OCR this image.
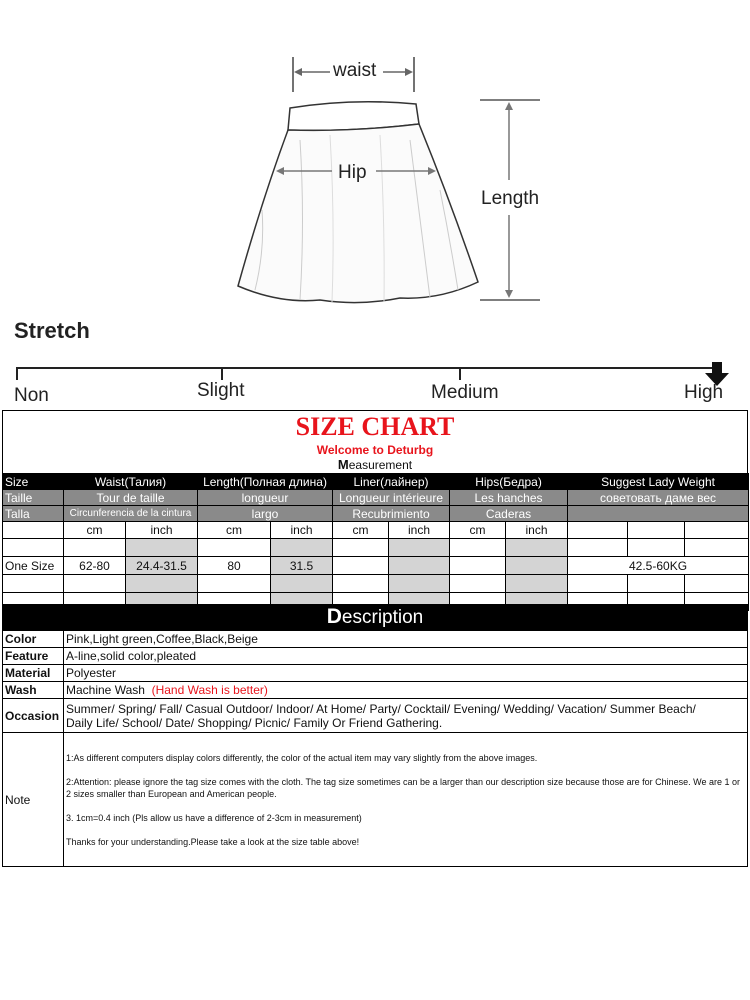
waist
Hip
Length
Stretch
Non	Slight	Medium	High
SIZE CHART
Welcome to Deturbg
Measurement
Size	Waist(Талия)		Length(Полная длина)		Liner(лайнер)		Hips(Бедра)		Suggest Lady Weight		
Taille	Tour de taille		longueur		Longueur intérieure		Les hanches		советовать даме вес		
Talla	Circunferencia de la cintura		largo		Recubrimiento		Caderas				
	cm	inch	cm	inch	cm	inch	cm	inch			

One Size	62-80	24.4-31.5	80	31.5					42.5-60KG		

Description
Color	Pink,Light green,Coffee,Black,Beige
Feature	A-line,solid color,pleated
Material	Polyester
Wash	Machine Wash (Hand Wash is better)
Occasion	Summer/ Spring/ Fall/ Casual Outdoor/ Indoor/ At Home/ Party/ Cocktail/ Evening/ Wedding/ Vacation/ Summer Beach/
Daily Life/ School/ Date/ Shopping/ Picnic/ Family Or Friend Gathering.

Note	1:As different computers display colors differently, the color of the actual item may vary slightly from the above images.

2:Attention: please ignore the tag size comes with the cloth. The tag size sometimes can be a larger than our description size because those are for Chinese. We are 1 or 2 sizes smaller than European and American people.

3. 1cm=0.4 inch (Pls allow us have a difference of 2-3cm in measurement)

Thanks for your understanding.Please take a look at the size table above!
